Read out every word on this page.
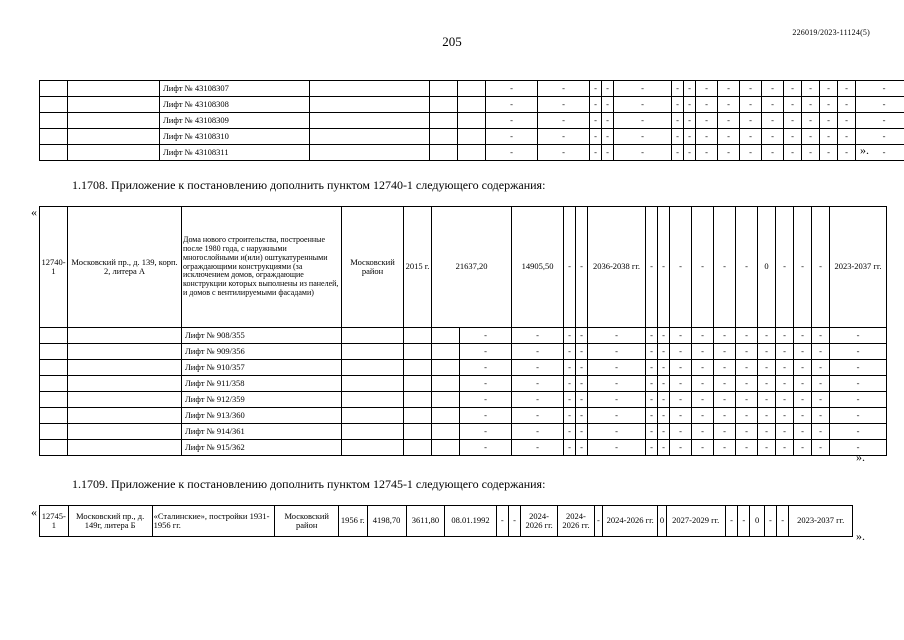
226019/2023-11124(5)
205
		Лифт № 43108307				-	-	-	-	-	-	-	-	-	-	-	-	-	-	-	-
		Лифт № 43108308				-	-	-	-	-	-	-	-	-	-	-	-	-	-	-	-
		Лифт № 43108309				-	-	-	-	-	-	-	-	-	-	-	-	-	-	-	-
		Лифт № 43108310				-	-	-	-	-	-	-	-	-	-	-	-	-	-	-	-
		Лифт № 43108311				-	-	-	-	-	-	-	-	-	-	-	-	-	-	-	-
».
1.1708. Приложение к постановлению дополнить пунктом 12740-1 следующего содержания:
«
12740-1	Московский пр., д. 139, корп. 2, литера А	Дома нового строительства, построенные после 1980 года, с наружными многослойными и(или) оштукатуренными ограждающими конструкциями (за исключением домов, ограждающие конструкции которых выполнены из панелей, и домов с вентилируемыми фасадами)	Московский район	2015 г.	21637,20		14905,50	-	-	2036-2038 гг.	-	-	-	-	-	-	0	-	-	-	2023-2037 гг.
		Лифт № 908/355				-	-	-	-	-	-	-	-	-	-	-	-	-	-	-	-
		Лифт № 909/356				-	-	-	-	-	-	-	-	-	-	-	-	-	-	-	-
		Лифт № 910/357				-	-	-	-	-	-	-	-	-	-	-	-	-	-	-	-
		Лифт № 911/358				-	-	-	-	-	-	-	-	-	-	-	-	-	-	-	-
		Лифт № 912/359				-	-	-	-	-	-	-	-	-	-	-	-	-	-	-	-
		Лифт № 913/360				-	-	-	-	-	-	-	-	-	-	-	-	-	-	-	-
		Лифт № 914/361				-	-	-	-	-	-	-	-	-	-	-	-	-	-	-	-
		Лифт № 915/362				-	-	-	-	-	-	-	-	-	-	-	-	-	-	-	-
».
1.1709. Приложение к постановлению дополнить пунктом 12745-1 следующего содержания:
« 12745-1	Московский пр., д. 149г, литера Б	«Сталинские», постройки 1931-1956 гг.	Московский район	1956 г.	4198,70	3611,80	08.01.1992	-	-	2024-2026 гг.	2024-2026 гг.	-	2024-2026 гг.	0	2027-2029 гг.	-	-	0	-	-	2023-2037 гг.
».
